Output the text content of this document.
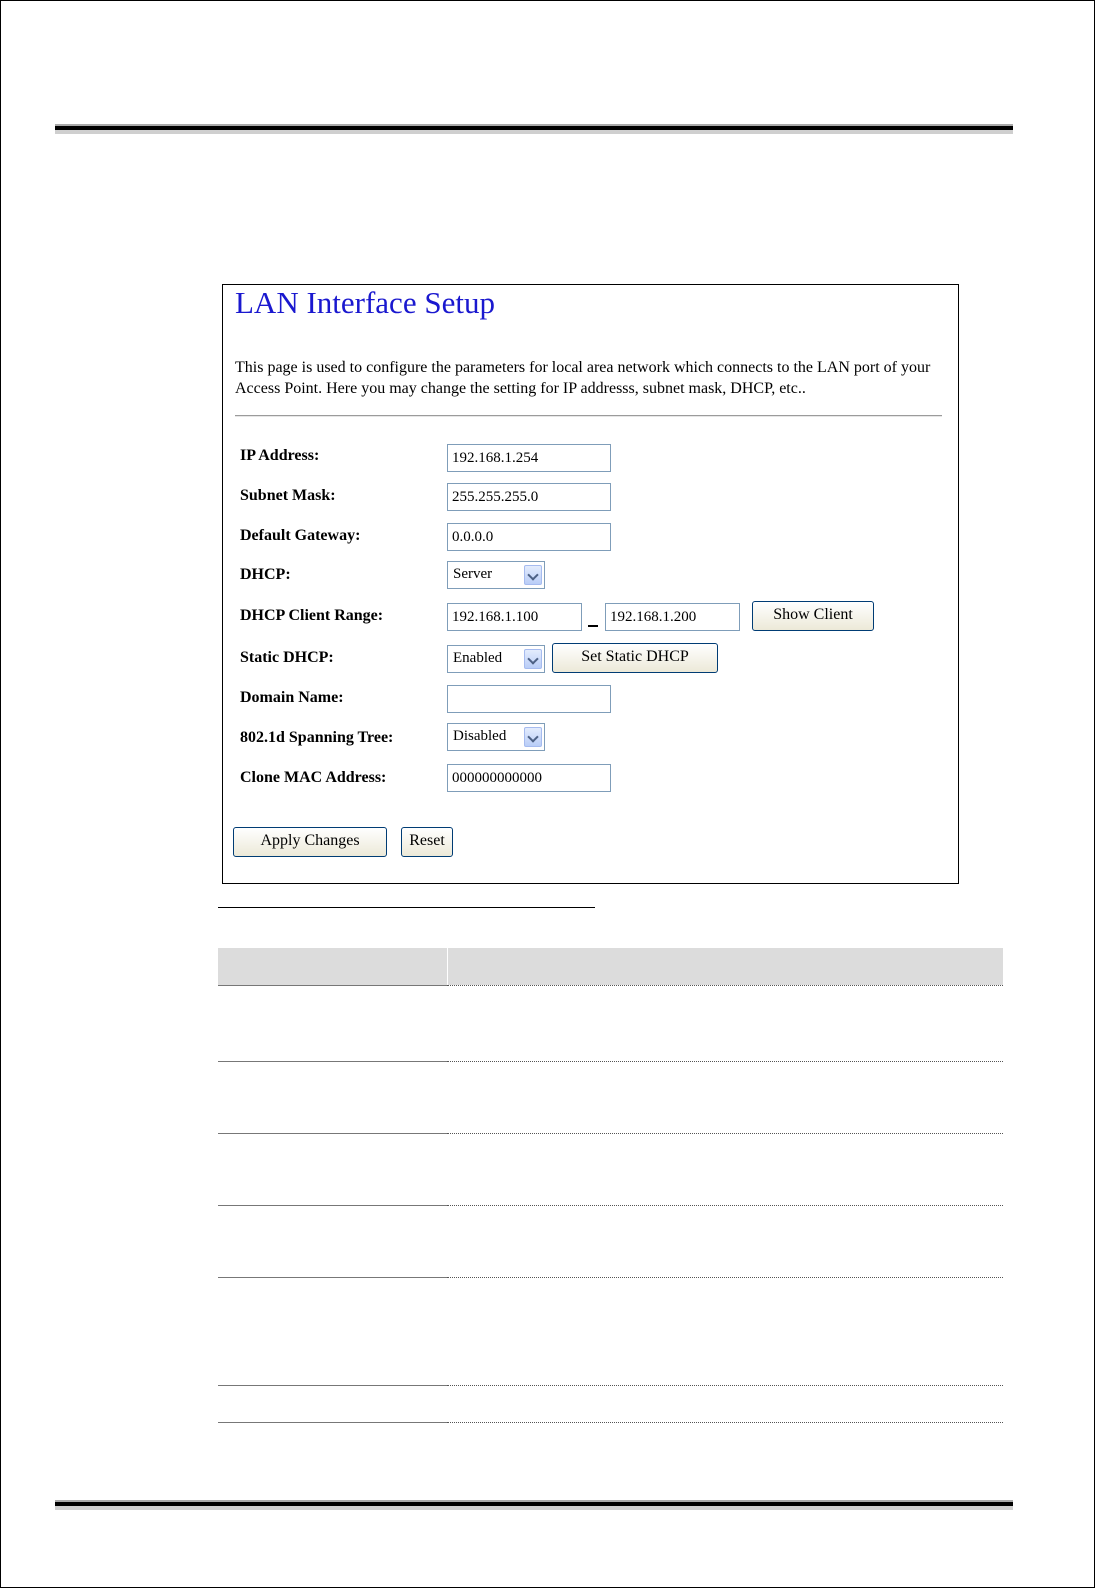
LAN Interface Setup
This page is used to configure the parameters for local area network which connects to the LAN port of your Access Point. Here you may change the setting for IP addresss, subnet mask, DHCP, etc..
IP Address:	192.168.1.254
Subnet Mask:	255.255.255.0
Default Gateway:	0.0.0.0
DHCP:	Server
DHCP Client Range:	192.168.1.100	192.168.1.200	Show Client
Static DHCP:	Enabled	Set Static DHCP
Domain Name:
802.1d Spanning Tree:	Disabled
Clone MAC Address:	000000000000
Apply Changes	Reset
